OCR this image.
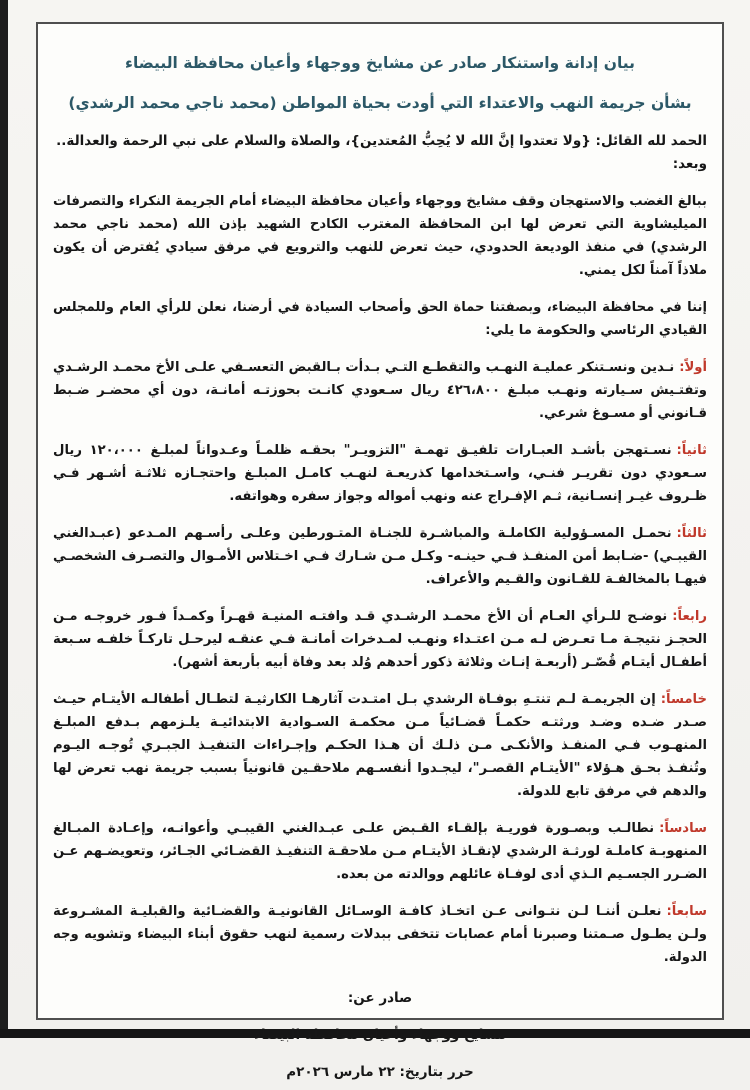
بيان إدانة واستنكار صادر عن مشايخ ووجهاء وأعيان محافظة البيضاء
بشأن جريمة النهب والاعتداء التي أودت بحياة المواطن (محمد ناجي محمد الرشدي)

الحمد لله القائل: {ولا تعتدوا إنَّ الله لا يُحِبُّ المُعتدين}، والصلاة والسلام على نبي الرحمة والعدالة.. وبعد:

ببالغ الغضب والاستهجان وقف مشايخ ووجهاء وأعيان محافظة البيضاء أمام الجريمة النكراء والتصرفات الميليشاوية التي تعرض لها ابن المحافظة المغترب الكادح الشهيد بإذن الله (محمد ناجي محمد الرشدي) في منفذ الوديعة الحدودي، حيث تعرض للنهب والترويع في مرفق سيادي يُفترض أن يكون ملاذاً آمناً لكل يمني.

إننا في محافظة البيضاء، وبصفتنا حماة الحق وأصحاب السيادة في أرضنا، نعلن للرأي العام وللمجلس القيادي الرئاسي والحكومة ما يلي:

أولاً:نـدين ونسـتنكر عمليـة النهـب والتقطـع التـي بـدأت بـالقبض التعسـفي علـى الأخ محمـد الرشـدي وتفتـيش سـيارته ونهـب مبلـغ ٤٢٦،٨٠٠ ريال سـعودي كانـت بحوزتـه أمانـة، دون أي محضـر ضـبط قـانوني أو مسـوغ شرعي.

ثانياً:نسـتهجن بأشـد العبـارات تلفيـق تهمـة "التزويـر" بحقـه ظلمـاً وعـدواناً لمبلـغ ١٢٠،٠٠٠ ريال سـعودي دون تقريـر فنـي، واسـتخدامها كذريعـة لنهـب كامـل المبلـغ واحتجـازه ثلاثـة أشـهر فـي ظـروف غيـر إنسـانية، ثـم الإفـراج عنه ونهب أمواله وجواز سفره وهواتفه.

ثالثاً:نحمـل المسـؤولية الكاملـة والمباشـرة للجنـاة المتـورطين وعلـى رأسـهم المـدعو (عبـدالغني القيبـي) -ضـابط أمن المنفـذ فـي حينـه- وكـل مـن شـارك فـي اخـتلاس الأمـوال والتصـرف الشخصـي فيهـا بالمخالفـة للقـانون والقـيم والأعراف.

رابعاً:نوضـح للـرأي العـام أن الأخ محمـد الرشـدي قـد وافتـه المنيـة قهـراً وكمـداً فـور خروجـه مـن الحجـز نتيجـة مـا تعـرض لـه مـن اعتـداء ونهـب لمـدخرات أمانـة فـي عنقـه ليرحـل تاركـاً خلفـه سـبعة أطفـال أيتـام قُصّـر (أربعـة إنـاث وثلاثة ذكور أحدهم وُلد بعد وفاة أبيه بأربعة أشهر).

خامساً:إن الجريمـة لـم تنتـهِ بوفـاة الرشدي بـل امتـدت آثارهـا الكارثيـة لتطـال أطفالـه الأيتـام حيـث صـدر ضـده وضـد ورثتـه حكمـاً قضـائياً مـن محكمـة السـوادية الابتدائيـة يلـزمهم بـدفع المبلـغ المنهـوب فـي المنفـذ والأنكـى مـن ذلـك أن هـذا الحكـم وإجـراءات التنفيـذ الجبـري تُوجـه اليـوم وتُنفـذ بحـق هـؤلاء "الأيتـام القصـر"، ليجـدوا أنفسـهم ملاحقـين قانونياً بسبب جريمة نهب تعرض لها والدهم في مرفق تابع للدولة.

سادساً:نطالـب وبصـورة فوريـة بإلقـاء القـبض علـى عبـدالغني القيبـي وأعوانـه، وإعـادة المبـالغ المنهوبـة كاملـة لورثـة الرشدي لإنقـاذ الأيتـام مـن ملاحقـة التنفيـذ القضـائي الجـائر، وتعويضـهم عـن الضـرر الجسـيم الـذي أدى لوفـاة عائلهم ووالدته من بعده.

سابعاً:نعلـن أننـا لـن نتـوانى عـن اتخـاذ كافـة الوسـائل القانونيـة والقضـائية والقبليـة المشـروعة ولـن يطـول صـمتنا وصبرنا أمام عصابات تتخفى ببدلات رسمية لنهب حقوق أبناء البيضاء وتشويه وجه الدولة.

صادر عن:

مشايخ ووجهاء وأعيان محافظة البيضاء

حرر بتاريخ: ٢٢ مارس ٢٠٢٦م
